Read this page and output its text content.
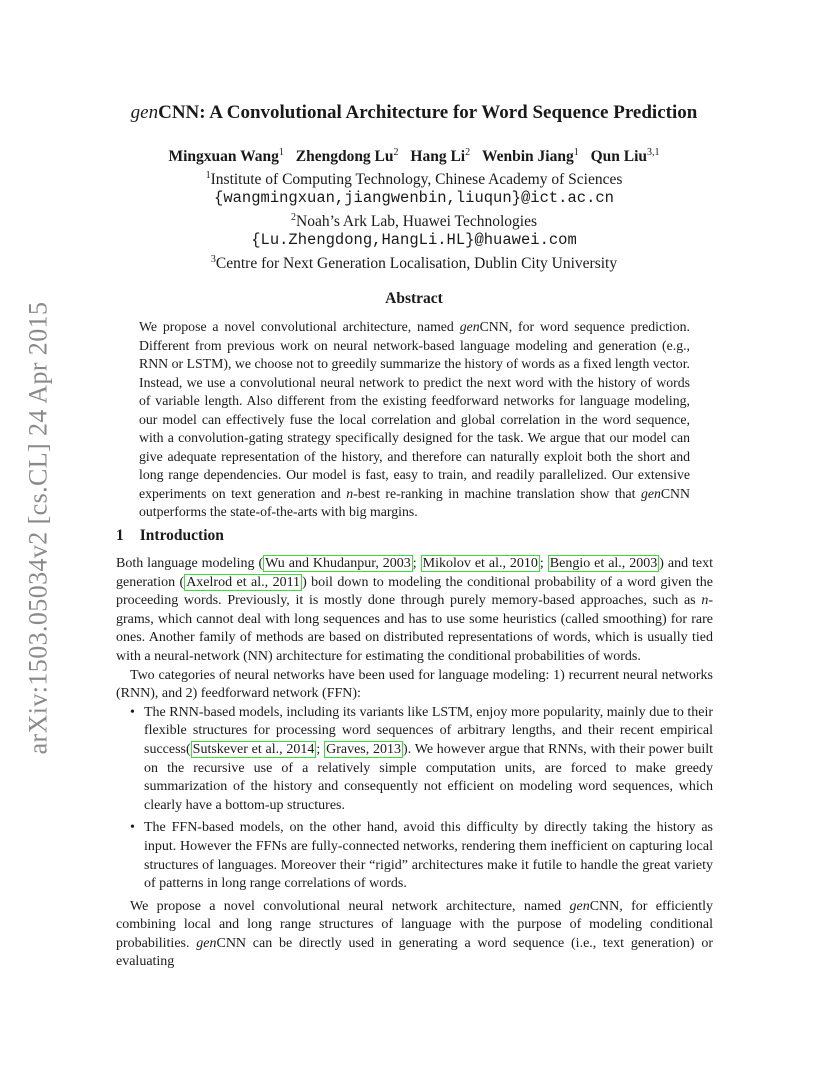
arXiv:1503.05034v2 [cs.CL] 24 Apr 2015
genCNN: A Convolutional Architecture for Word Sequence Prediction
Mingxuan Wang$^1$ Zhengdong Lu$^2$ Hang Li$^2$ Wenbin Jiang$^1$ Qun Liu$^{3,1}$
$^1$Institute of Computing Technology, Chinese Academy of Sciences
{wangmingxuan,jiangwenbin,liuqun}@ict.ac.cn
$^2$Noah’s Ark Lab, Huawei Technologies
{Lu.Zhengdong,HangLi.HL}@huawei.com
$^3$Centre for Next Generation Localisation, Dublin City University
Abstract

We propose a novel convolutional architecture, named genCNN, for word sequence prediction. Different from previous work on neural network-based language modeling and generation (e.g., RNN or LSTM), we choose not to greedily summarize the history of words as a fixed length vector. Instead, we use a convolutional neural network to predict the next word with the history of words of variable length. Also different from the existing feedforward networks for language modeling, our model can effectively fuse the local correlation and global correlation in the word sequence, with a convolution-gating strategy specifically designed for the task. We argue that our model can give adequate representation of the history, and therefore can naturally exploit both the short and long range dependencies. Our model is fast, easy to train, and readily parallelized. Our extensive experiments on text generation and n-best re-ranking in machine translation show that genCNN outperforms the state-of-the-arts with big margins.

1 Introduction

Both language modeling ( Wu and Khudanpur, 2003 ; Mikolov et al., 2010 ; Bengio et al., 2003 ) and text generation ( Axelrod et al., 2011 ) boil down to modeling the conditional probability of a word given the proceeding words. Previously, it is mostly done through purely memory-based approaches, such as n-grams, which cannot deal with long sequences and has to use some heuristics (called smoothing) for rare ones. Another family of methods are based on distributed representations of words, which is usually tied with a neural-network (NN) architecture for estimating the conditional probabilities of words.

Two categories of neural networks have been used for language modeling: 1) recurrent neural networks (RNN), and 2) feedforward network (FFN):

• The RNN-based models, including its variants like LSTM, enjoy more popularity, mainly due to their flexible structures for processing word sequences of arbitrary lengths, and their recent empirical success( Sutskever et al., 2014 ; Graves, 2013 ). We however argue that RNNs, with their power built on the recursive use of a relatively simple computation units, are forced to make greedy summarization of the history and consequently not efficient on modeling word sequences, which clearly have a bottom-up structures.
• The FFN-based models, on the other hand, avoid this difficulty by directly taking the history as input. However the FFNs are fully-connected networks, rendering them inefficient on capturing local structures of languages. Moreover their “rigid” architectures make it futile to handle the great variety of patterns in long range correlations of words.

We propose a novel convolutional neural network architecture, named genCNN, for efficiently combining local and long range structures of language with the purpose of modeling conditional probabilities. genCNN can be directly used in generating a word sequence (i.e., text generation) or evaluating
